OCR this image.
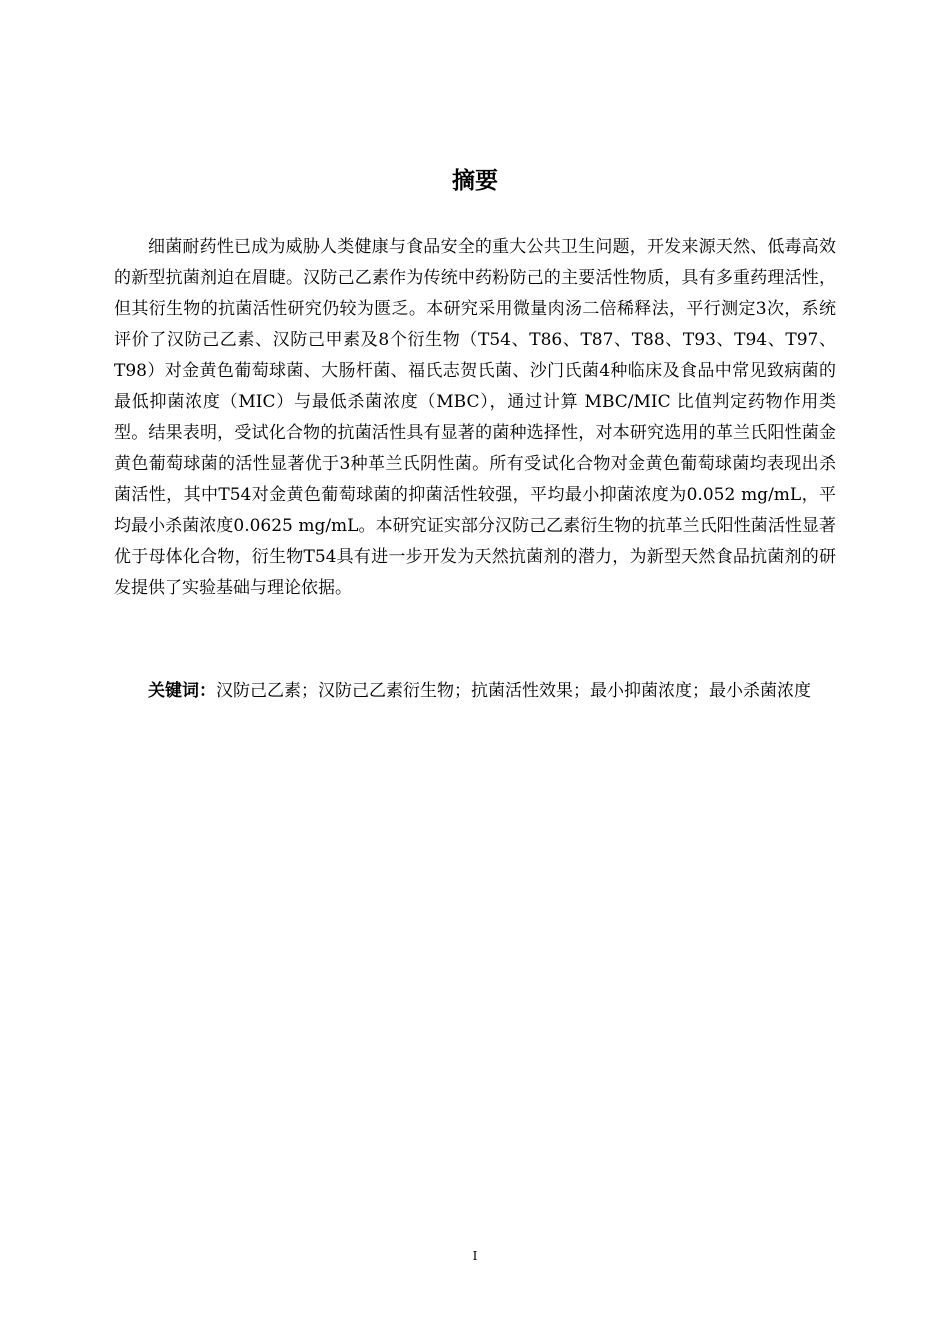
摘要

细菌耐药性已成为威胁人类健康与食品安全的重大公共卫生问题，开发来源天然、低毒高效的新型抗菌剂迫在眉睫。汉防己乙素作为传统中药粉防己的主要活性物质，具有多重药理活性，但其衍生物的抗菌活性研究仍较为匮乏。本研究采用微量肉汤二倍稀释法，平行测定3次，系统评价了汉防己乙素、汉防己甲素及8个衍生物（T54、T86、T87、T88、T93、T94、T97、T98）对金黄色葡萄球菌、大肠杆菌、福氏志贺氏菌、沙门氏菌4种临床及食品中常见致病菌的最低抑菌浓度（MIC）与最低杀菌浓度（MBC），通过计算 MBC/MIC 比值判定药物作用类型。结果表明，受试化合物的抗菌活性具有显著的菌种选择性，对本研究选用的革兰氏阳性菌金黄色葡萄球菌的活性显著优于3种革兰氏阴性菌。所有受试化合物对金黄色葡萄球菌均表现出杀菌活性，其中T54对金黄色葡萄球菌的抑菌活性较强，平均最小抑菌浓度为0.052 mg/mL，平均最小杀菌浓度0.0625 mg/mL。本研究证实部分汉防己乙素衍生物的抗革兰氏阳性菌活性显著优于母体化合物，衍生物T54具有进一步开发为天然抗菌剂的潜力，为新型天然食品抗菌剂的研发提供了实验基础与理论依据。

关键词：汉防己乙素；汉防己乙素衍生物；抗菌活性效果；最小抑菌浓度；最小杀菌浓度

I
